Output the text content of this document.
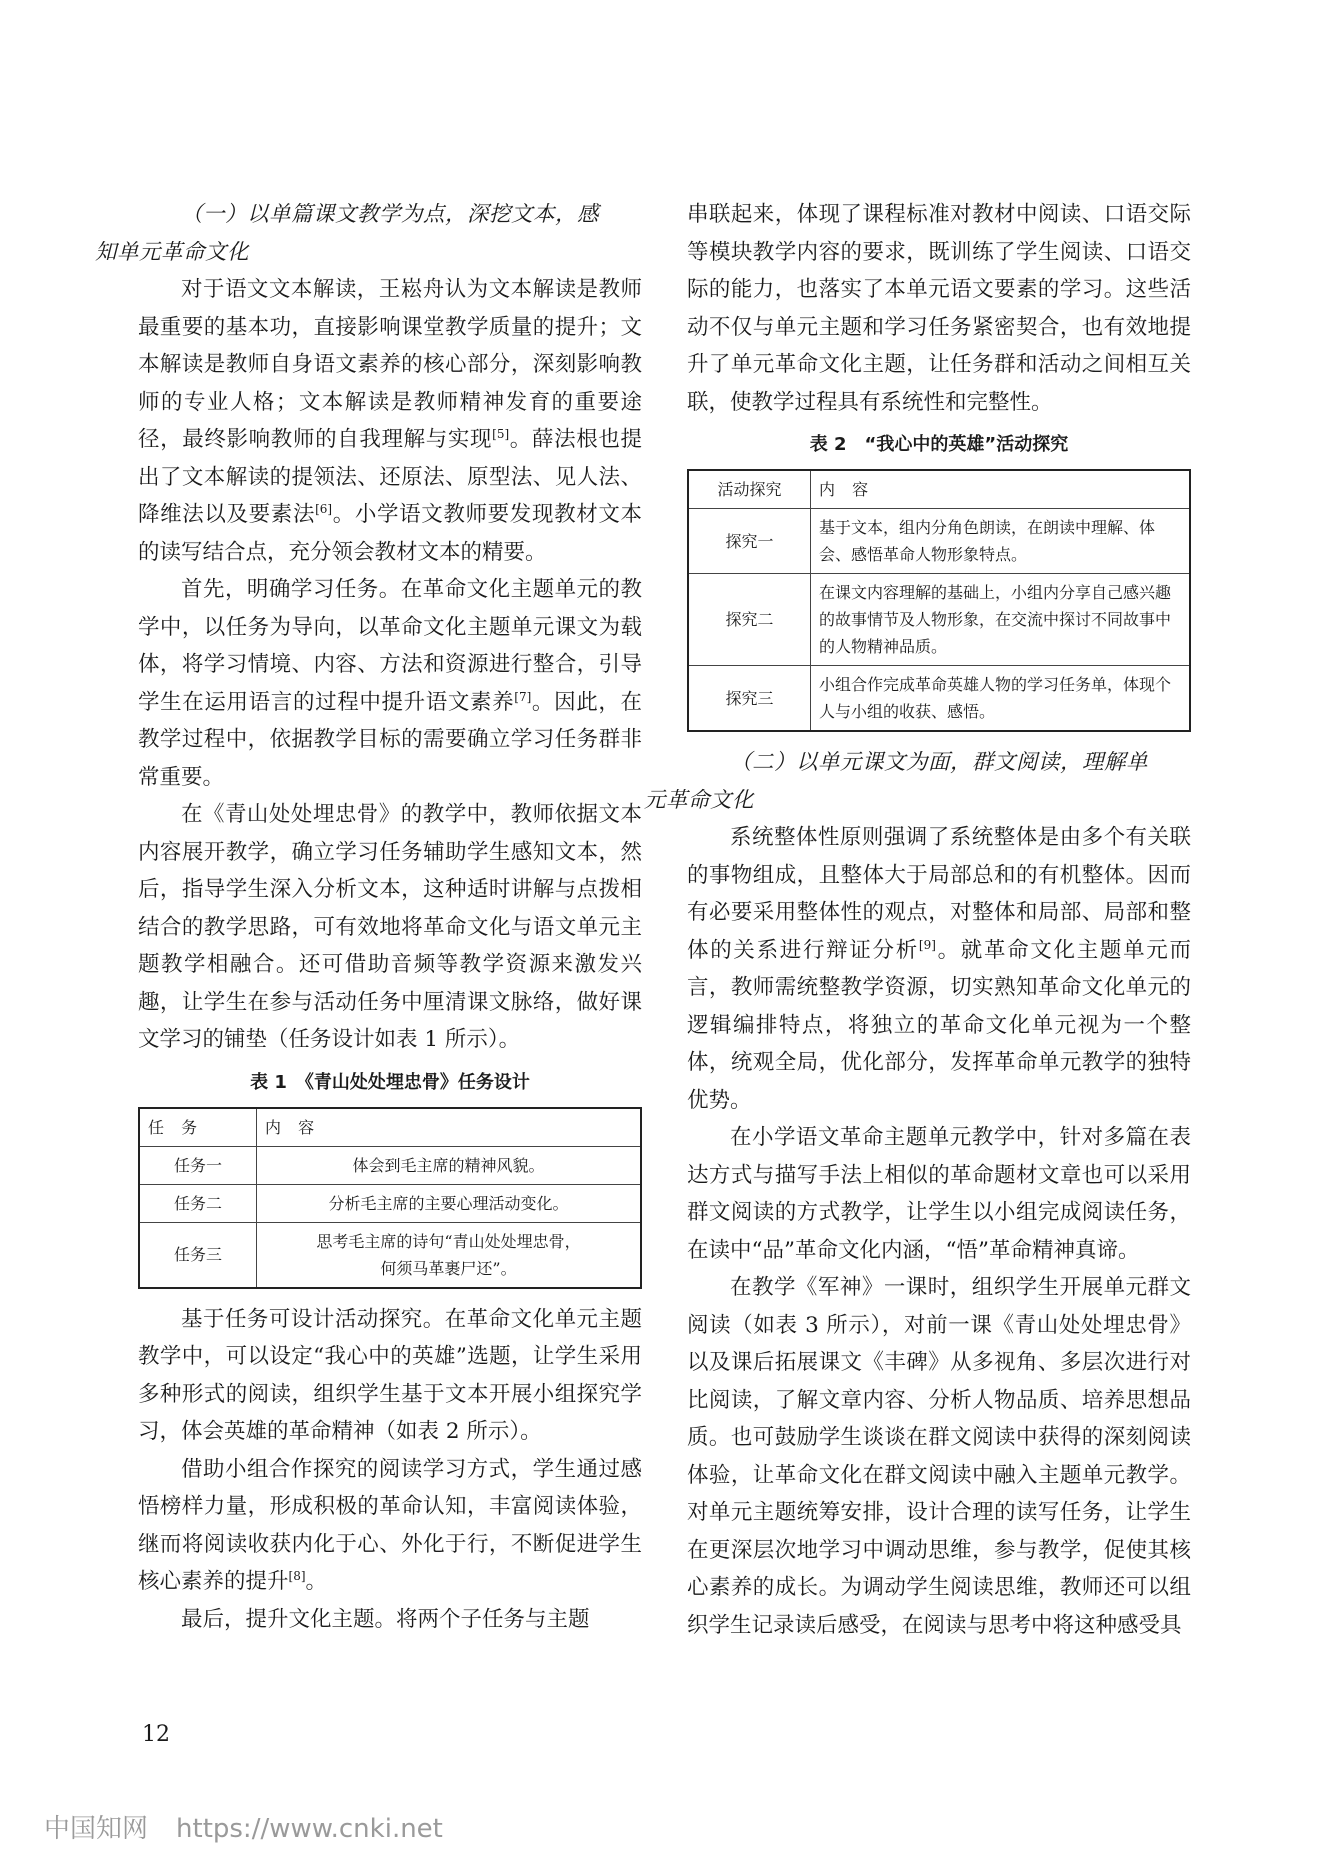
（一）以单篇课文教学为点，深挖文本，感
知单元革命文化

对于语文文本解读，王崧舟认为文本解读是教师最重要的基本功，直接影响课堂教学质量的提升；文本解读是教师自身语文素养的核心部分，深刻影响教师的专业人格；文本解读是教师精神发育的重要途径，最终影响教师的自我理解与实现[5]。薛法根也提出了文本解读的提领法、还原法、原型法、见人法、降维法以及要素法[6]。小学语文教师要发现教材文本的读写结合点，充分领会教材文本的精要。

首先，明确学习任务。在革命文化主题单元的教学中，以任务为导向，以革命文化主题单元课文为载体，将学习情境、内容、方法和资源进行整合，引导学生在运用语言的过程中提升语文素养[7]。因此，在教学过程中，依据教学目标的需要确立学习任务群非常重要。

在《青山处处埋忠骨》的教学中，教师依据文本内容展开教学，确立学习任务辅助学生感知文本，然后，指导学生深入分析文本，这种适时讲解与点拨相结合的教学思路，可有效地将革命文化与语文单元主题教学相融合。还可借助音频等教学资源来激发兴趣，让学生在参与活动任务中厘清课文脉络，做好课文学习的铺垫（任务设计如表 1 所示）。

表 1　《青山处处埋忠骨》任务设计
任 务	内 容
任务一	体会到毛主席的精神风貌。
任务二	分析毛主席的主要心理活动变化。
任务三	思考毛主席的诗句“青山处处埋忠骨，
何须马革裹尸还”。

基于任务可设计活动探究。在革命文化单元主题教学中，可以设定“我心中的英雄”选题，让学生采用多种形式的阅读，组织学生基于文本开展小组探究学习，体会英雄的革命精神（如表 2 所示）。

借助小组合作探究的阅读学习方式，学生通过感悟榜样力量，形成积极的革命认知，丰富阅读体验，继而将阅读收获内化于心、外化于行，不断促进学生核心素养的提升[8]。

最后，提升文化主题。将两个子任务与主题

串联起来，体现了课程标准对教材中阅读、口语交际等模块教学内容的要求，既训练了学生阅读、口语交际的能力，也落实了本单元语文要素的学习。这些活动不仅与单元主题和学习任务紧密契合，也有效地提升了单元革命文化主题，让任务群和活动之间相互关联，使教学过程具有系统性和完整性。

表 2　“我心中的英雄”活动探究
活动探究	内 容
探究一	基于文本，组内分角色朗读，在朗读中理解、体会、感悟革命人物形象特点。
探究二	在课文内容理解的基础上，小组内分享自己感兴趣的故事情节及人物形象，在交流中探讨不同故事中的人物精神品质。
探究三	小组合作完成革命英雄人物的学习任务单，体现个人与小组的收获、感悟。

（二）以单元课文为面，群文阅读，理解单
元革命文化

系统整体性原则强调了系统整体是由多个有关联的事物组成，且整体大于局部总和的有机整体。因而有必要采用整体性的观点，对整体和局部、局部和整体的关系进行辩证分析[9]。就革命文化主题单元而言，教师需统整教学资源，切实熟知革命文化单元的逻辑编排特点，将独立的革命文化单元视为一个整体，统观全局，优化部分，发挥革命单元教学的独特优势。

在小学语文革命主题单元教学中，针对多篇在表达方式与描写手法上相似的革命题材文章也可以采用群文阅读的方式教学，让学生以小组完成阅读任务，在读中“品”革命文化内涵，“悟”革命精神真谛。

在教学《军神》一课时，组织学生开展单元群文阅读（如表 3 所示），对前一课《青山处处埋忠骨》以及课后拓展课文《丰碑》从多视角、多层次进行对比阅读，了解文章内容、分析人物品质、培养思想品质。也可鼓励学生谈谈在群文阅读中获得的深刻阅读体验，让革命文化在群文阅读中融入主题单元教学。对单元主题统筹安排，设计合理的读写任务，让学生在更深层次地学习中调动思维，参与教学，促使其核心素养的成长。为调动学生阅读思维，教师还可以组织学生记录读后感受，在阅读与思考中将这种感受具

12
中国知网 https://www.cnki.net
